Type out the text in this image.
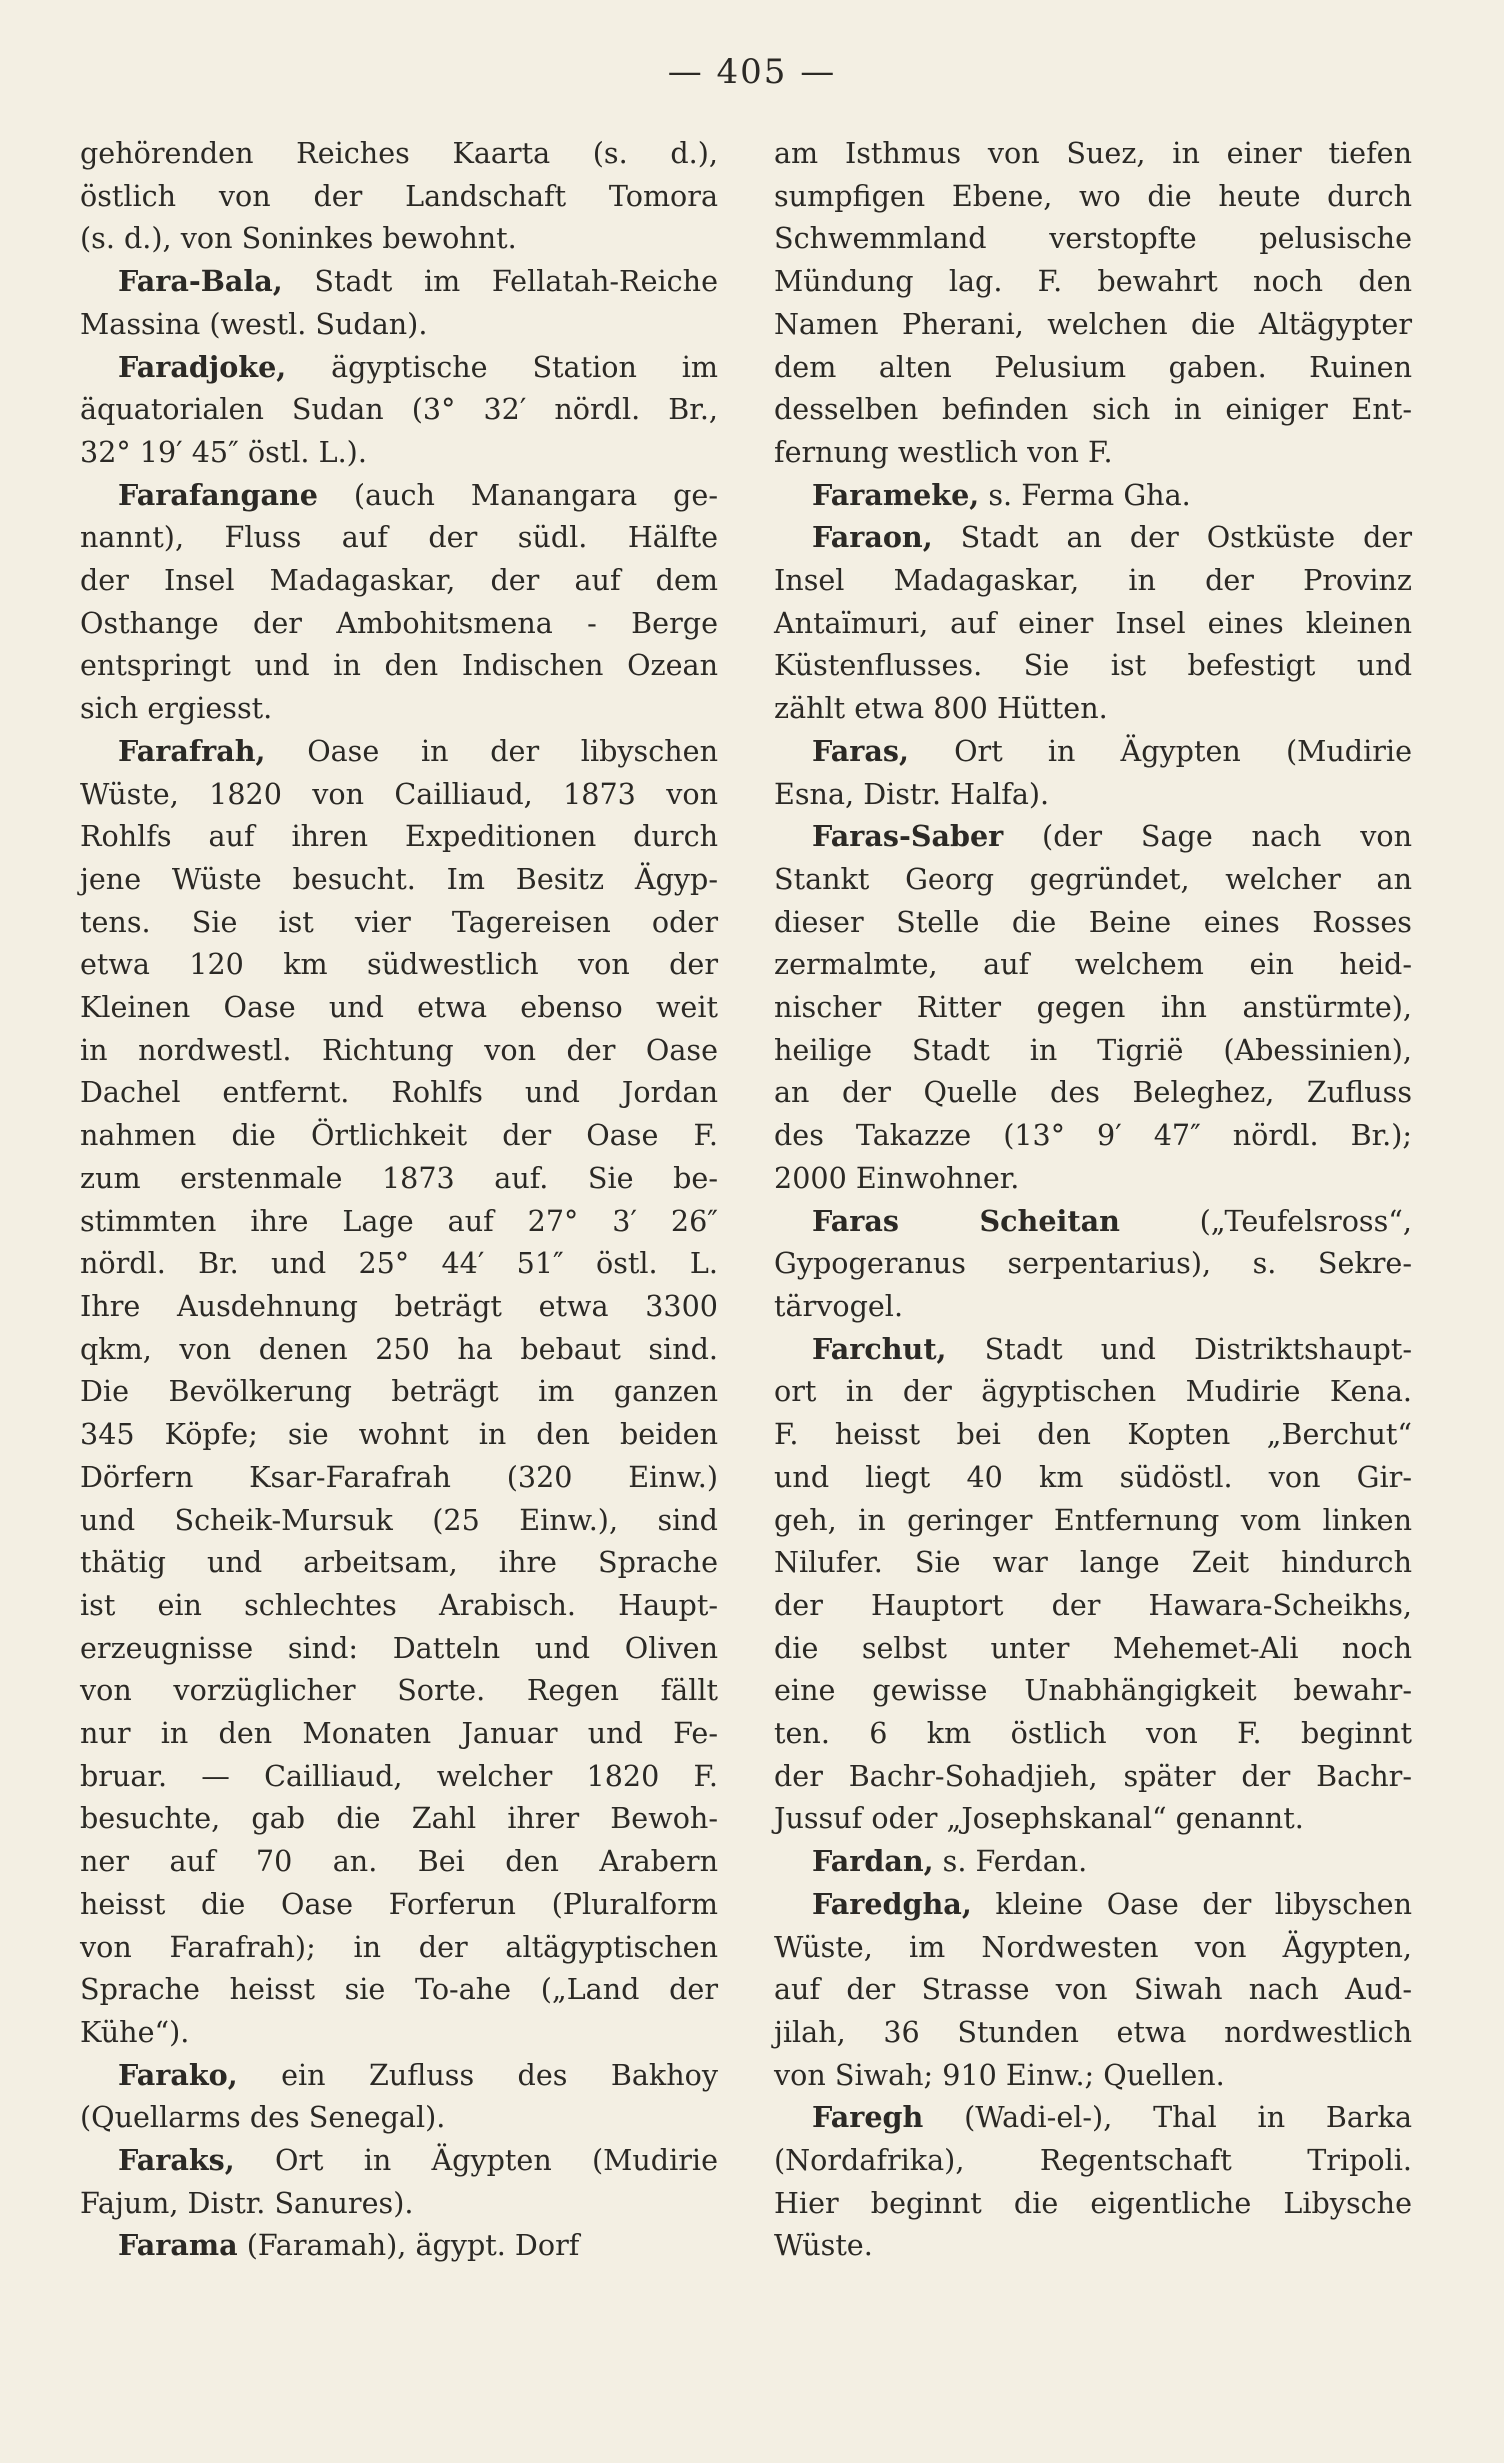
— 405 —

gehörenden Reiches Kaarta (s. d.),
östlich von der Landschaft Tomora
(s. d.), von Soninkes bewohnt.

Fara-Bala, Stadt im Fellatah-Reiche
Massina (westl. Sudan).

Faradjoke, ägyptische Station im
äquatorialen Sudan (3° 32′ nördl. Br.,
32° 19′ 45″ östl. L.).

Farafangane (auch Manangara ge-
nannt), Fluss auf der südl. Hälfte
der Insel Madagaskar, der auf dem
Osthange der Ambohitsmena - Berge
entspringt und in den Indischen Ozean
sich ergiesst.

Farafrah, Oase in der libyschen
Wüste, 1820 von Cailliaud, 1873 von
Rohlfs auf ihren Expeditionen durch
jene Wüste besucht. Im Besitz Ägyp-
tens. Sie ist vier Tagereisen oder
etwa 120 km südwestlich von der
Kleinen Oase und etwa ebenso weit
in nordwestl. Richtung von der Oase
Dachel entfernt. Rohlfs und Jordan
nahmen die Örtlichkeit der Oase F.
zum erstenmale 1873 auf. Sie be-
stimmten ihre Lage auf 27° 3′ 26″
nördl. Br. und 25° 44′ 51″ östl. L.
Ihre Ausdehnung beträgt etwa 3300
qkm, von denen 250 ha bebaut sind.
Die Bevölkerung beträgt im ganzen
345 Köpfe; sie wohnt in den beiden
Dörfern Ksar-Farafrah (320 Einw.)
und Scheik-Mursuk (25 Einw.), sind
thätig und arbeitsam, ihre Sprache
ist ein schlechtes Arabisch. Haupt-
erzeugnisse sind: Datteln und Oliven
von vorzüglicher Sorte. Regen fällt
nur in den Monaten Januar und Fe-
bruar. — Cailliaud, welcher 1820 F.
besuchte, gab die Zahl ihrer Bewoh-
ner auf 70 an. Bei den Arabern
heisst die Oase Forferun (Pluralform
von Farafrah); in der altägyptischen
Sprache heisst sie To-ahe („Land der
Kühe“).

Farako, ein Zufluss des Bakhoy
(Quellarms des Senegal).

Faraks, Ort in Ägypten (Mudirie
Fajum, Distr. Sanures).

Farama (Faramah), ägypt. Dorf

am Isthmus von Suez, in einer tiefen
sumpfigen Ebene, wo die heute durch
Schwemmland verstopfte pelusische
Mündung lag. F. bewahrt noch den
Namen Pherani, welchen die Altägypter
dem alten Pelusium gaben. Ruinen
desselben befinden sich in einiger Ent-
fernung westlich von F.

Farameke, s. Ferma Gha.

Faraon, Stadt an der Ostküste der
Insel Madagaskar, in der Provinz
Antaïmuri, auf einer Insel eines kleinen
Küstenflusses. Sie ist befestigt und
zählt etwa 800 Hütten.

Faras, Ort in Ägypten (Mudirie
Esna, Distr. Halfa).

Faras-Saber (der Sage nach von
Stankt Georg gegründet, welcher an
dieser Stelle die Beine eines Rosses
zermalmte, auf welchem ein heid-
nischer Ritter gegen ihn anstürmte),
heilige Stadt in Tigrië (Abessinien),
an der Quelle des Beleghez, Zufluss
des Takazze (13° 9′ 47″ nördl. Br.);
2000 Einwohner.

Faras Scheitan („Teufelsross“,
Gypogeranus serpentarius), s. Sekre-
tärvogel.

Farchut, Stadt und Distriktshaupt-
ort in der ägyptischen Mudirie Kena.
F. heisst bei den Kopten „Berchut“
und liegt 40 km südöstl. von Gir-
geh, in geringer Entfernung vom linken
Nilufer. Sie war lange Zeit hindurch
der Hauptort der Hawara-Scheikhs,
die selbst unter Mehemet-Ali noch
eine gewisse Unabhängigkeit bewahr-
ten. 6 km östlich von F. beginnt
der Bachr-Sohadjieh, später der Bachr-
Jussuf oder „Josephskanal“ genannt.

Fardan, s. Ferdan.

Faredgha, kleine Oase der libyschen
Wüste, im Nordwesten von Ägypten,
auf der Strasse von Siwah nach Aud-
jilah, 36 Stunden etwa nordwestlich
von Siwah; 910 Einw.; Quellen.

Faregh (Wadi-el-), Thal in Barka
(Nordafrika), Regentschaft Tripoli.
Hier beginnt die eigentliche Libysche
Wüste.
